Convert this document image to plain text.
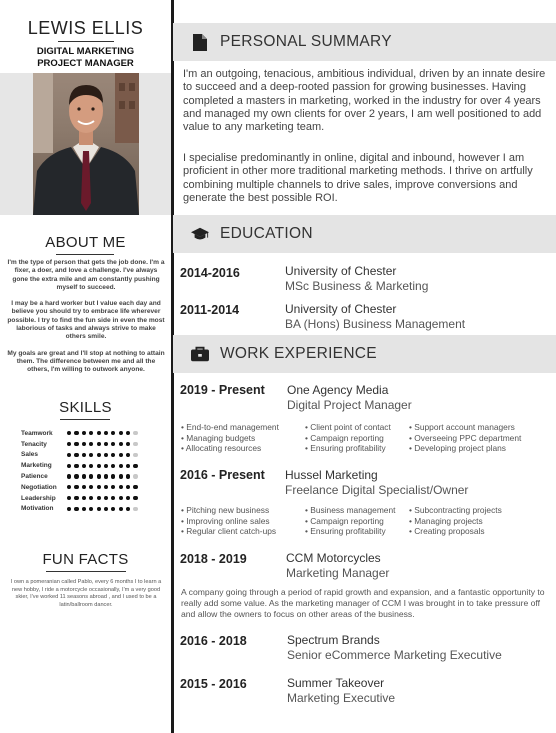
LEWIS ELLIS
DIGITAL MARKETING
PROJECT MANAGER
ABOUT ME

I'm the type of person that gets the job done. I'm a fixer, a doer, and love a challenge. I've always gone the extra mile and am constantly pushing myself to succeed.

I may be a hard worker but I value each day and believe you should try to embrace life wherever possible. I try to find the fun side in even the most laborious of tasks and always strive to make others smile.

My goals are great and I'll stop at nothing to attain them. The difference between me and all the others, I'm willing to outwork anyone.

SKILLS
Teamwork
Tenacity
Sales
Marketing
Patience
Negotiation
Leadership
Motivation
FUN FACTS
I own a pomeranian called Pablo, every 6 months I to learn a new hobby, I ride a motorcycle occasionally, I'm a very good skier, I've worked 11 seasons abroad , and I used to be a latin/ballroom dancer.
PERSONAL SUMMARY
I'm an outgoing, tenacious, ambitious individual, driven by an innate desire to succeed and a deep-rooted passion for growing businesses. Having completed a masters in marketing, worked in the industry for over 4 years and managed my own clients for over 2 years, I am well positioned to add value to any marketing team.
I specialise predominantly in online, digital and inbound, however I am proficient in other more traditional marketing methods. I thrive on artfully combining multiple channels to drive sales, improve conversions and generate the best possible ROI.
EDUCATION
2014-2016	University of Chester
MSc Business & Marketing
2011-2014	University of Chester
BA (Hons) Business Management
WORK EXPERIENCE
2019 - Present One Agency Media
Digital Project Manager
• End-to-end management	• Client point of contact	• Support account managers
• Managing budgets	• Campaign reporting	• Overseeing PPC department
• Allocating resources	• Ensuring profitability	• Developing project plans
2016 - Present Hussel Marketing
Freelance Digital Specialist/Owner
• Pitching new business	• Business management	• Subcontracting projects
• Improving online sales	• Campaign reporting	• Managing projects
• Regular client catch-ups	• Ensuring profitability	• Creating proposals
2018 - 2019	CCM Motorcycles
Marketing Manager
A company going through a period of rapid growth and expansion, and a fantastic opportunity to really add some value. As the marketing manager of CCM I was brought in to take pressure off and allow the owners to focus on other areas of the business.
2016 - 2018	Spectrum Brands
Senior eCommerce Marketing Executive
2015 - 2016	Summer Takeover
Marketing Executive
